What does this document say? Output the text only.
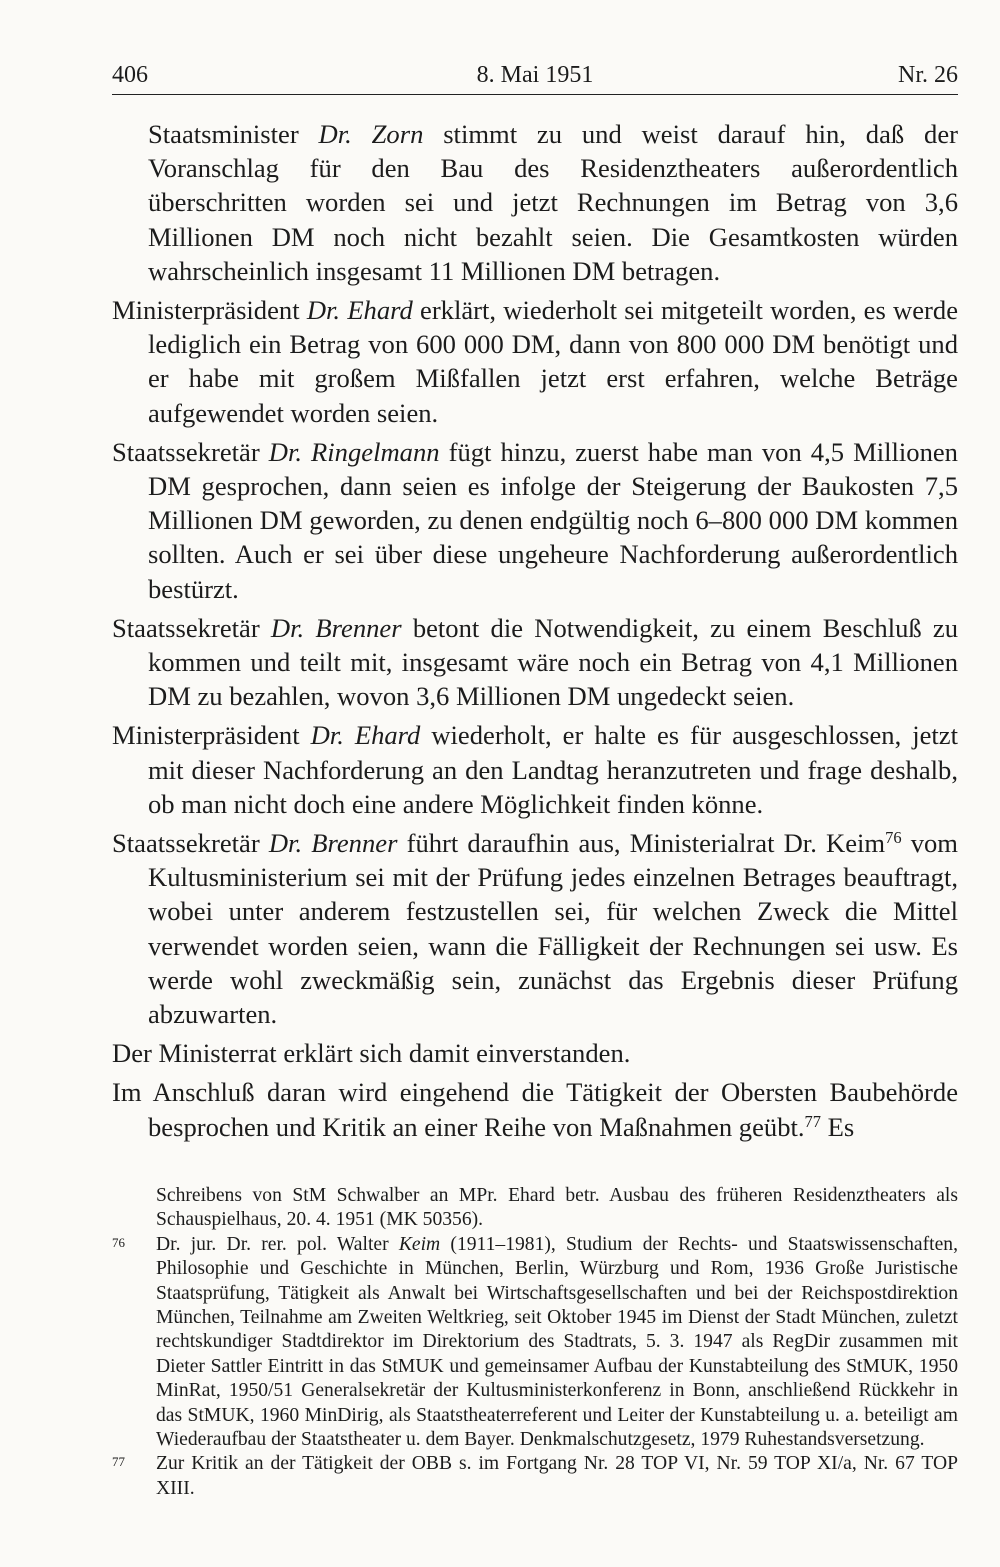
406	8. Mai 1951	Nr. 26

Staatsminister Dr. Zorn stimmt zu und weist darauf hin, daß der Voranschlag für den Bau des Residenztheaters außerordentlich überschritten worden sei und jetzt Rechnungen im Betrag von 3,6 Millionen DM noch nicht bezahlt seien. Die Gesamtkosten würden wahrscheinlich insgesamt 11 Millionen DM betragen.

Ministerpräsident Dr. Ehard erklärt, wiederholt sei mitgeteilt worden, es werde lediglich ein Betrag von 600 000 DM, dann von 800 000 DM benötigt und er habe mit großem Mißfallen jetzt erst erfahren, welche Beträge aufgewendet worden seien.

Staatssekretär Dr. Ringelmann fügt hinzu, zuerst habe man von 4,5 Millionen DM gesprochen, dann seien es infolge der Steigerung der Baukosten 7,5 Millionen DM geworden, zu denen endgültig noch 6–800 000 DM kommen sollten. Auch er sei über diese ungeheure Nachforderung außerordentlich bestürzt.

Staatssekretär Dr. Brenner betont die Notwendigkeit, zu einem Beschluß zu kommen und teilt mit, insgesamt wäre noch ein Betrag von 4,1 Millionen DM zu bezahlen, wovon 3,6 Millionen DM ungedeckt seien.

Ministerpräsident Dr. Ehard wiederholt, er halte es für ausgeschlossen, jetzt mit dieser Nachforderung an den Landtag heranzutreten und frage deshalb, ob man nicht doch eine andere Möglichkeit finden könne.

Staatssekretär Dr. Brenner führt daraufhin aus, Ministerialrat Dr. Keim$^{76}$ vom Kultusministerium sei mit der Prüfung jedes einzelnen Betrages beauftragt, wobei unter anderem festzustellen sei, für welchen Zweck die Mittel verwendet worden seien, wann die Fälligkeit der Rechnungen sei usw. Es werde wohl zweckmäßig sein, zunächst das Ergebnis dieser Prüfung abzuwarten.

Der Ministerrat erklärt sich damit einverstanden.

Im Anschluß daran wird eingehend die Tätigkeit der Obersten Baubehörde besprochen und Kritik an einer Reihe von Maßnahmen geübt.$^{77}$ Es

Schreibens von StM Schwalber an MPr. Ehard betr. Ausbau des früheren Residenztheaters als Schauspielhaus, 20. 4. 1951 (MK 50356).

76 Dr. jur. Dr. rer. pol. Walter Keim (1911–1981), Studium der Rechts- und Staatswissenschaften, Philosophie und Geschichte in München, Berlin, Würzburg und Rom, 1936 Große Juristische Staatsprüfung, Tätigkeit als Anwalt bei Wirtschaftsgesellschaften und bei der Reichspostdirektion München, Teilnahme am Zweiten Weltkrieg, seit Oktober 1945 im Dienst der Stadt München, zuletzt rechtskundiger Stadtdirektor im Direktorium des Stadtrats, 5. 3. 1947 als RegDir zusammen mit Dieter Sattler Eintritt in das StMUK und gemeinsamer Aufbau der Kunstabteilung des StMUK, 1950 MinRat, 1950/51 Generalsekretär der Kultusministerkonferenz in Bonn, anschließend Rückkehr in das StMUK, 1960 MinDirig, als Staatstheaterreferent und Leiter der Kunstabteilung u. a. beteiligt am Wiederaufbau der Staatstheater u. dem Bayer. Denkmalschutzgesetz, 1979 Ruhestandsversetzung.

77 Zur Kritik an der Tätigkeit der OBB s. im Fortgang Nr. 28 TOP VI, Nr. 59 TOP XI/a, Nr. 67 TOP XIII.
